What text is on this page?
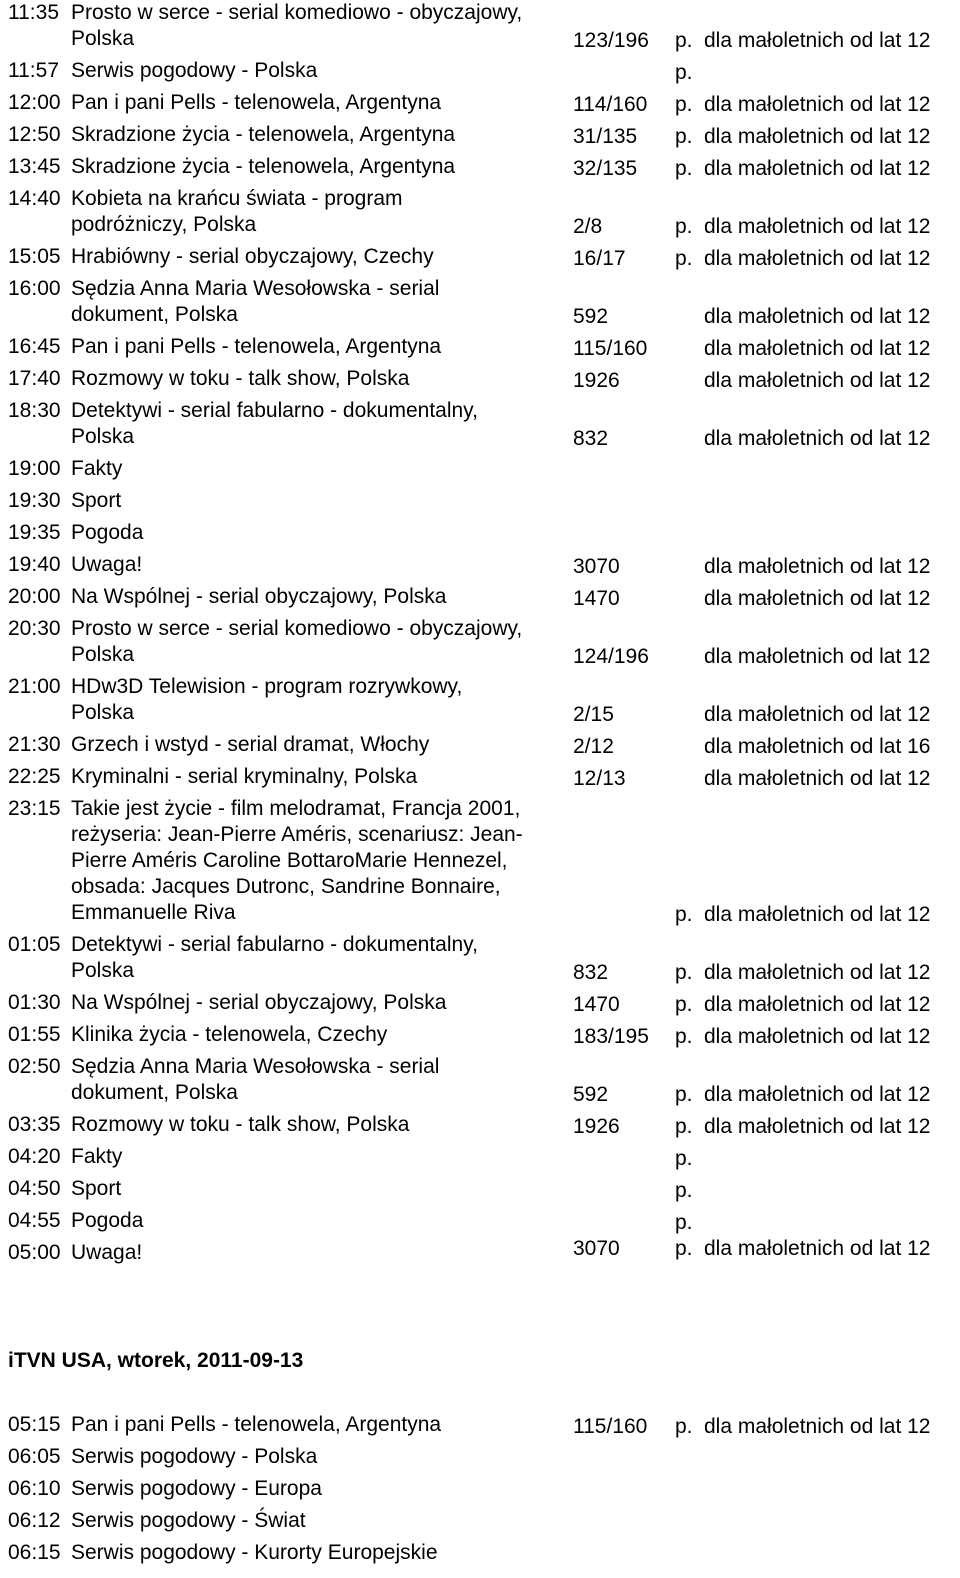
11:35 Prosto w serce - serial komediowo - obyczajowy,
Polska	123/196 p. dla małoletnich od lat 12
11:57 Serwis pogodowy - Polska	p.
12:00 Pan i pani Pells - telenowela, Argentyna	114/160 p. dla małoletnich od lat 12
12:50 Skradzione życia - telenowela, Argentyna	31/135 p. dla małoletnich od lat 12
13:45 Skradzione życia - telenowela, Argentyna	32/135 p. dla małoletnich od lat 12
14:40 Kobieta na krańcu świata - program
podróżniczy, Polska	2/8	p. dla małoletnich od lat 12
15:05 Hrabiówny - serial obyczajowy, Czechy	16/17 p. dla małoletnich od lat 12
16:00 Sędzia Anna Maria Wesołowska - serial
dokument, Polska	592	dla małoletnich od lat 12
16:45 Pan i pani Pells - telenowela, Argentyna	115/160	dla małoletnich od lat 12
17:40 Rozmowy w toku - talk show, Polska	1926	dla małoletnich od lat 12
18:30 Detektywi - serial fabularno - dokumentalny,
Polska	832	dla małoletnich od lat 12
19:00 Fakty
19:30 Sport
19:35 Pogoda
19:40 Uwaga!	3070	dla małoletnich od lat 12
20:00 Na Wspólnej - serial obyczajowy, Polska	1470	dla małoletnich od lat 12
20:30 Prosto w serce - serial komediowo - obyczajowy,
Polska	124/196	dla małoletnich od lat 12
21:00 HDw3D Telewision - program rozrywkowy,
Polska	2/15	dla małoletnich od lat 12
21:30 Grzech i wstyd - serial dramat, Włochy	2/12	dla małoletnich od lat 16
22:25 Kryminalni - serial kryminalny, Polska	12/13	dla małoletnich od lat 12
23:15 Takie jest życie - film melodramat, Francja 2001,
reżyseria: Jean-Pierre Améris, scenariusz: Jean-
Pierre Améris Caroline BottaroMarie Hennezel,
obsada: Jacques Dutronc, Sandrine Bonnaire,
Emmanuelle Riva	p. dla małoletnich od lat 12
01:05 Detektywi - serial fabularno - dokumentalny,
Polska	832	p. dla małoletnich od lat 12
01:30 Na Wspólnej - serial obyczajowy, Polska	1470	p. dla małoletnich od lat 12
01:55 Klinika życia - telenowela, Czechy	183/195 p. dla małoletnich od lat 12
02:50 Sędzia Anna Maria Wesołowska - serial
dokument, Polska	592	p. dla małoletnich od lat 12
03:35 Rozmowy w toku - talk show, Polska	1926	p. dla małoletnich od lat 12
04:20 Fakty	p.
04:50 Sport	p.
04:55 Pogoda	p.
05:00 Uwaga!	3070	p. dla małoletnich od lat 12
iTVN USA, wtorek, 2011-09-13
05:15 Pan i pani Pells - telenowela, Argentyna	115/160 p. dla małoletnich od lat 12
06:05 Serwis pogodowy - Polska
06:10 Serwis pogodowy - Europa
06:12 Serwis pogodowy - Świat
06:15 Serwis pogodowy - Kurorty Europejskie
